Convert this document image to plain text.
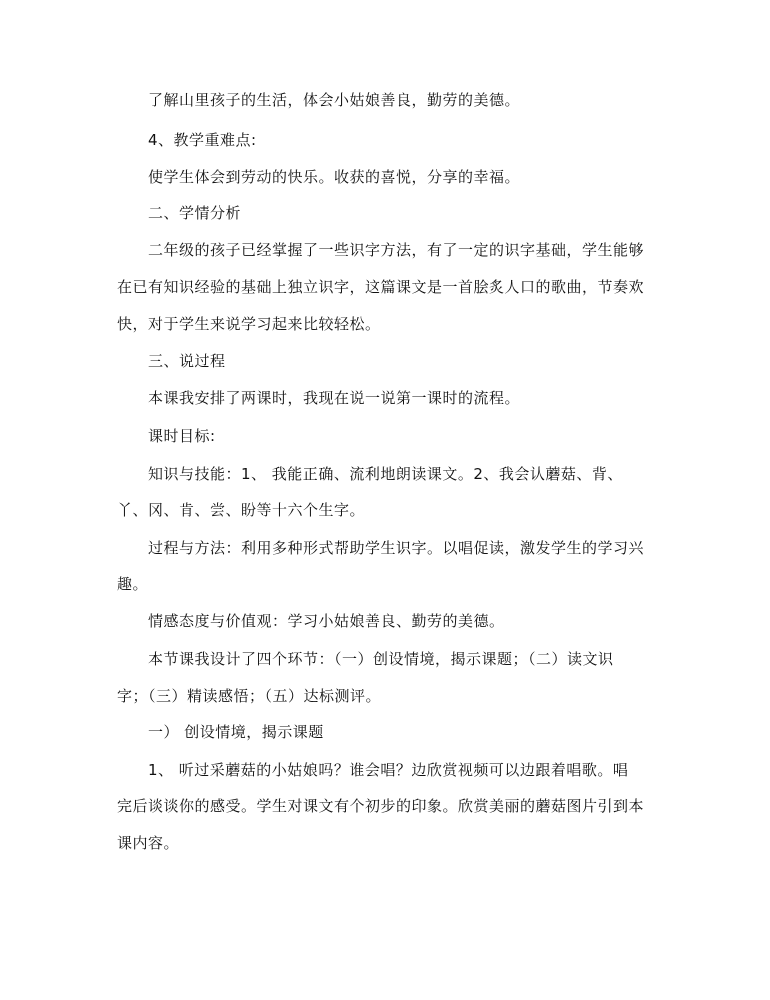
了解山里孩子的生活，体会小姑娘善良，勤劳的美德。
4、教学重难点:
使学生体会到劳动的快乐。收获的喜悦，分享的幸福。
二、学情分析
二年级的孩子已经掌握了一些识字方法，有了一定的识字基础，学生能够
在已有知识经验的基础上独立识字，这篇课文是一首脍炙人口的歌曲，节奏欢
快，对于学生来说学习起来比较轻松。
三、说过程
本课我安排了两课时，我现在说一说第一课时的流程。
课时目标:
知识与技能：1、 我能正确、流利地朗读课文。2、我会认蘑菇、背、
丫、冈、肯、尝、盼等十六个生字。
过程与方法：利用多种形式帮助学生识字。以唱促读，激发学生的学习兴
趣。
情感态度与价值观：学习小姑娘善良、勤劳的美德。
本节课我设计了四个环节：（一）创设情境，揭示课题；（二）读文识
字；（三）精读感悟；（五）达标测评。
一） 创设情境，揭示课题
1、 听过采蘑菇的小姑娘吗？谁会唱？边欣赏视频可以边跟着唱歌。唱
完后谈谈你的感受。学生对课文有个初步的印象。欣赏美丽的蘑菇图片引到本
课内容。
